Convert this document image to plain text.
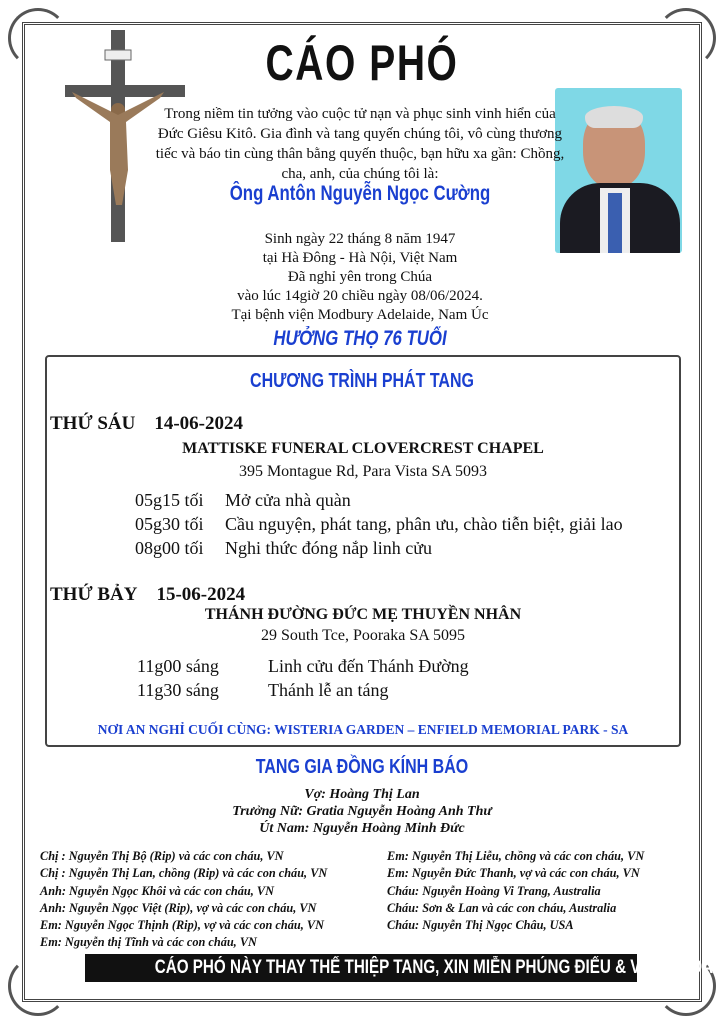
CÁO PHÓ
Trong niềm tin tưởng vào cuộc tử nạn và phục sinh vinh hiển của Đức Giêsu Kitô. Gia đình và tang quyến chúng tôi, vô cùng thương tiếc và báo tin cùng thân bằng quyến thuộc, bạn hữu xa gần: Chồng, cha, anh, của chúng tôi là:
Ông Antôn Nguyễn Ngọc Cường
Sinh ngày 22 tháng 8 năm 1947
tại Hà Đông - Hà Nội, Việt Nam
Đã nghỉ yên trong Chúa
vào lúc 14giờ 20 chiều ngày 08/06/2024.
Tại bệnh viện Modbury Adelaide, Nam Úc
HƯỞNG THỌ 76 TUỔI
CHƯƠNG TRÌNH PHÁT TANG
THỨ SÁU 14-06-2024
MATTISKE FUNERAL CLOVERCREST CHAPEL
395 Montague Rd, Para Vista SA 5093
05g15 tối Mở cửa nhà quàn
05g30 tối Cầu nguyện, phát tang, phân ưu, chào tiễn biệt, giải lao
08g00 tối Nghi thức đóng nắp linh cửu
THỨ BẢY 15-06-2024
THÁNH ĐƯỜNG ĐỨC MẸ THUYỀN NHÂN
29 South Tce, Pooraka SA 5095
11g00 sáng	Linh cửu đến Thánh Đường
11g30 sáng	Thánh lễ an táng
NƠI AN NGHỈ CUỐI CÙNG: WISTERIA GARDEN – ENFIELD MEMORIAL PARK - SA
TANG GIA ĐỒNG KÍNH BÁO
Vợ: Hoàng Thị Lan
Trưởng Nữ: Gratia Nguyễn Hoàng Anh Thư
Út Nam: Nguyễn Hoàng Minh Đức
Chị : Nguyễn Thị Bộ (Rip) và các con cháu, VN
Chị : Nguyễn Thị Lan, chồng (Rip) và các con cháu, VN
Anh: Nguyễn Ngọc Khôi và các con cháu, VN
Anh: Nguyễn Ngọc Việt (Rip), vợ và các con cháu, VN
Em: Nguyễn Ngọc Thịnh (Rip), vợ và các con cháu, VN
Em: Nguyễn thị Tĩnh và các con cháu, VN
Em: Nguyễn Thị Liễu, chồng và các con cháu, VN
Em: Nguyễn Đức Thanh, vợ và các con cháu, VN
Cháu: Nguyễn Hoàng Vi Trang, Australia
Cháu: Sơn & Lan và các con cháu, Australia
Cháu: Nguyễn Thị Ngọc Châu, USA
CÁO PHÓ NÀY THAY THẾ THIỆP TANG, XIN MIỄN PHÚNG ĐIẾU & VÒNG HOA
